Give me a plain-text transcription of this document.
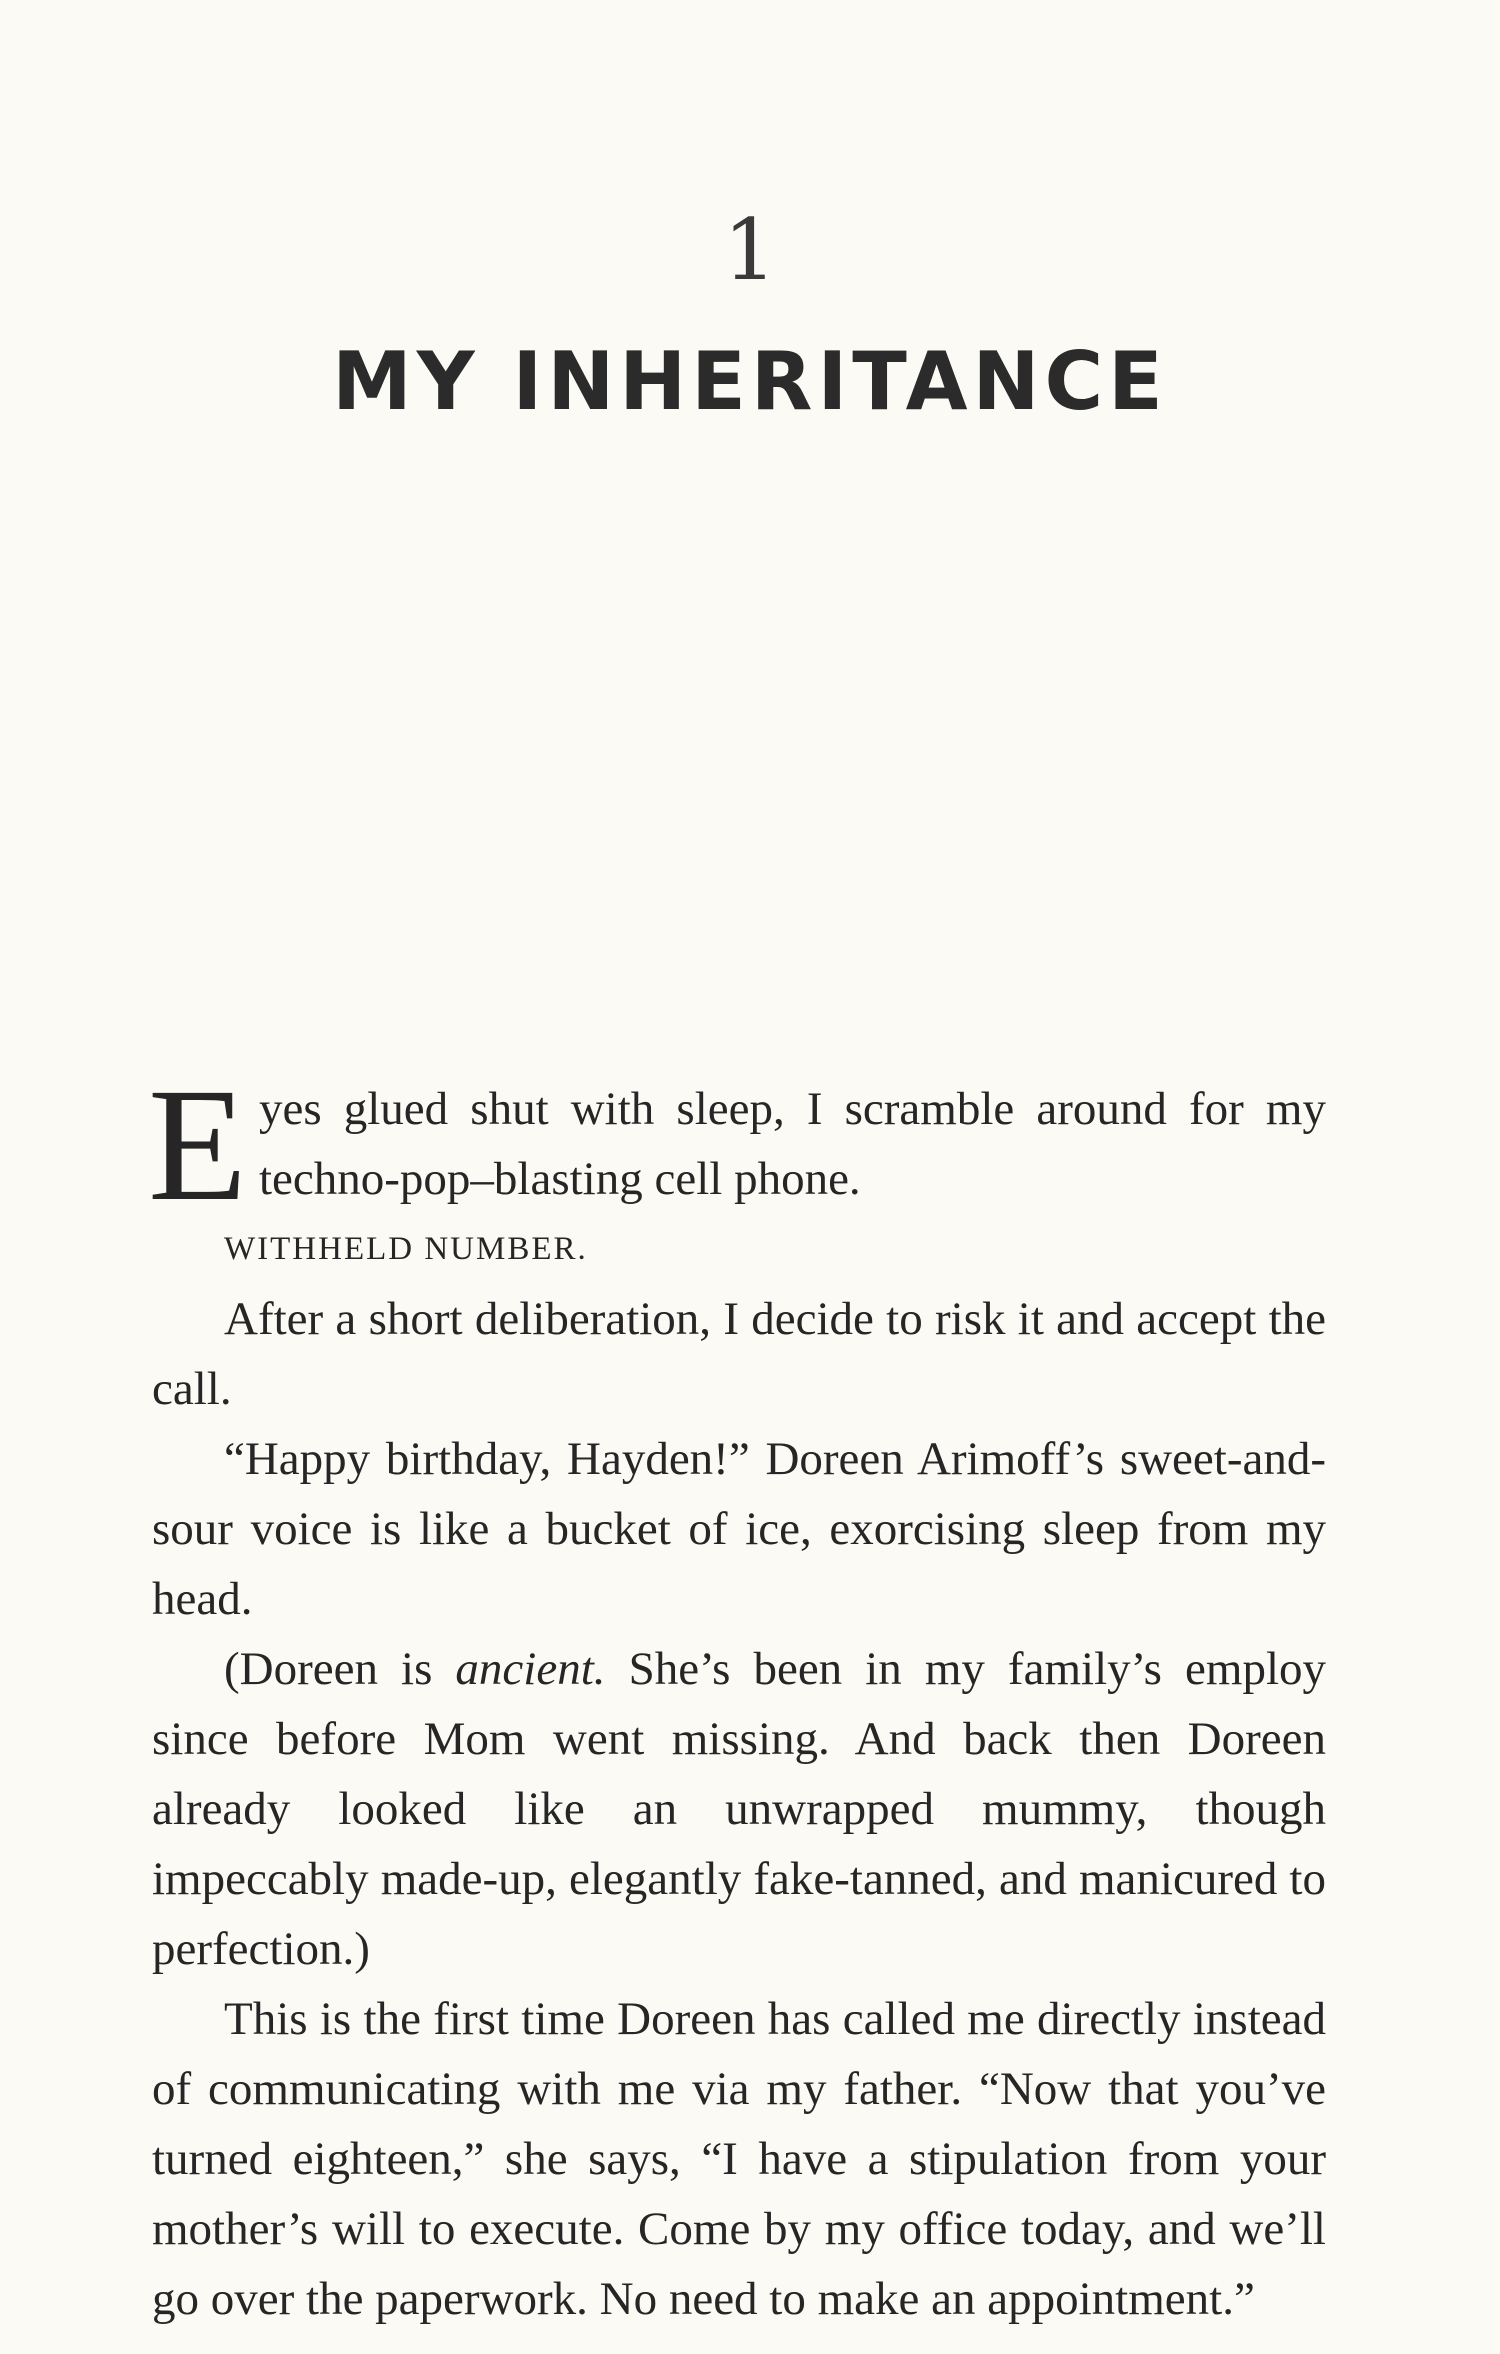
1
MY INHERITANCE

Eyes glued shut with sleep, I scramble around for my techno-pop–blasting cell phone.

WITHHELD NUMBER.

After a short deliberation, I decide to risk it and accept the call.

“Happy birthday, Hayden!” Doreen Arimoff’s sweet-and-sour voice is like a bucket of ice, exorcising sleep from my head.

(Doreen is ancient. She’s been in my family’s employ since before Mom went missing. And back then Doreen already looked like an unwrapped mummy, though impeccably made-up, elegantly fake-tanned, and manicured to perfection.)

This is the first time Doreen has called me directly instead of communicating with me via my father. “Now that you’ve turned eighteen,” she says, “I have a stipulation from your mother’s will to execute. Come by my office today, and we’ll go over the paperwork. No need to make an appointment.”
